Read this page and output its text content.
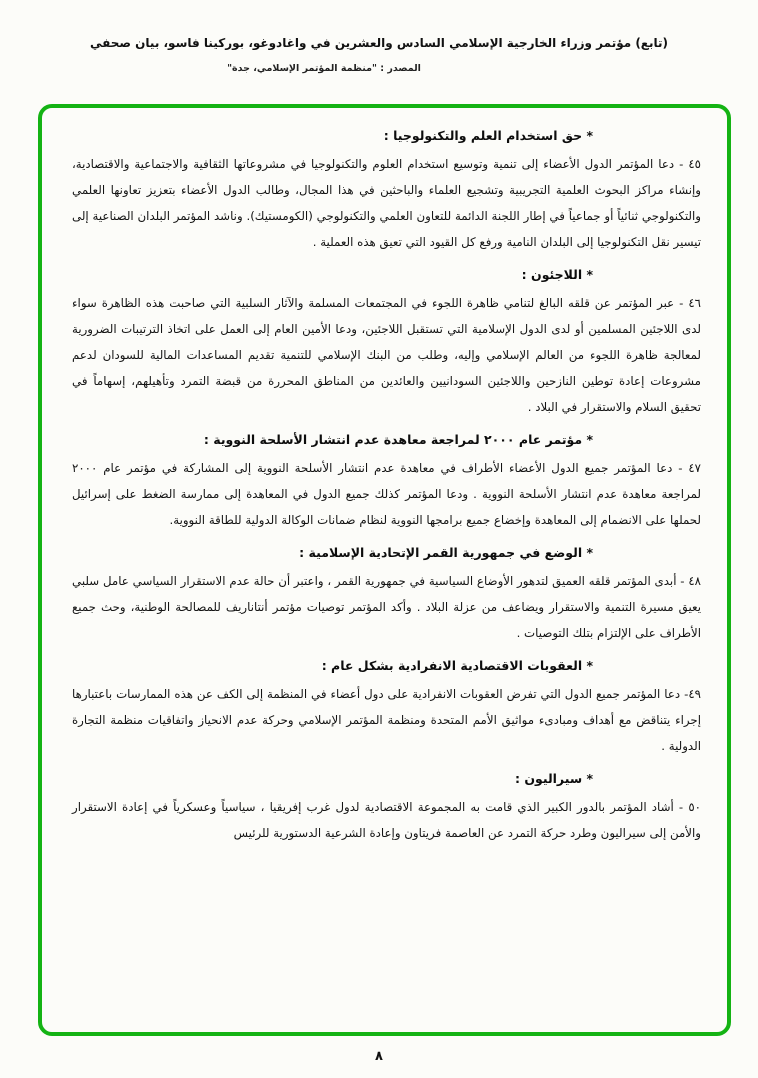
(تابع) مؤتمر وزراء الخارجية الإسلامي السادس والعشرين في واغادوغو، بوركينا فاسو، بيان صحفي
المصدر : "منظمة المؤتمر الإسلامي، جدة"
* حق استخدام العلم والتكنولوجيا :

٤٥ - دعا المؤتمر الدول الأعضاء إلى تنمية وتوسيع استخدام العلوم والتكنولوجيا في مشروعاتها الثقافية والاجتماعية والاقتصادية، وإنشاء مراكز البحوث العلمية التجريبية وتشجيع العلماء والباحثين في هذا المجال، وطالب الدول الأعضاء بتعزيز تعاونها العلمي والتكنولوجي ثنائياً أو جماعياً في إطار اللجنة الدائمة للتعاون العلمي والتكنولوجي (الكومستيك). وناشد المؤتمر البلدان الصناعية إلى تيسير نقل التكنولوجيا إلى البلدان النامية ورفع كل القيود التي تعيق هذه العملية .

* اللاجئون :

٤٦ - عبر المؤتمر عن قلقه البالغ لتنامي ظاهرة اللجوء في المجتمعات المسلمة والآثار السلبية التي صاحبت هذه الظاهرة سواء لدى اللاجئين المسلمين أو لدى الدول الإسلامية التي تستقبل اللاجئين، ودعا الأمين العام إلى العمل على اتخاذ الترتيبات الضرورية لمعالجة ظاهرة اللجوء من العالم الإسلامي وإليه، وطلب من البنك الإسلامي للتنمية تقديم المساعدات المالية للسودان لدعم مشروعات إعادة توطين النازحين واللاجئين السودانيين والعائدين من المناطق المحررة من قبضة التمرد وتأهيلهم، إسهاماً في تحقيق السلام والاستقرار في البلاد .

* مؤتمر عام ٢٠٠٠ لمراجعة معاهدة عدم انتشار الأسلحة النووية :

٤٧ - دعا المؤتمر جميع الدول الأعضاء الأطراف في معاهدة عدم انتشار الأسلحة النووية إلى المشاركة في مؤتمر عام ٢٠٠٠ لمراجعة معاهدة عدم انتشار الأسلحة النووية . ودعا المؤتمر كذلك جميع الدول في المعاهدة إلى ممارسة الضغط على إسرائيل لحملها على الانضمام إلى المعاهدة وإخضاع جميع برامجها النووية لنظام ضمانات الوكالة الدولية للطاقة النووية.

* الوضع في جمهورية القمر الإتحادية الإسلامية :

٤٨ - أبدى المؤتمر قلقه العميق لتدهور الأوضاع السياسية في جمهورية القمر ، واعتبر أن حالة عدم الاستقرار السياسي عامل سلبي يعيق مسيرة التنمية والاستقرار ويضاعف من عزلة البلاد . وأكد المؤتمر توصيات مؤتمر أنتاناريف للمصالحة الوطنية، وحث جميع الأطراف على الإلتزام بتلك التوصيات .

* العقوبات الاقتصادية الانفرادية بشكل عام :

٤٩- دعا المؤتمر جميع الدول التي تفرض العقوبات الانفرادية على دول أعضاء في المنظمة إلى الكف عن هذه الممارسات باعتبارها إجراء يتناقض مع أهداف ومبادىء مواثيق الأمم المتحدة ومنظمة المؤتمر الإسلامي وحركة عدم الانحياز واتفاقيات منظمة التجارة الدولية .

* سيراليون :

٥٠ - أشاد المؤتمر بالدور الكبير الذي قامت به المجموعة الاقتصادية لدول غرب إفريقيا ، سياسياً وعسكرياً في إعادة الاستقرار والأمن إلى سيراليون وطرد حركة التمرد عن العاصمة فريتاون وإعادة الشرعية الدستورية للرئيس

٨
